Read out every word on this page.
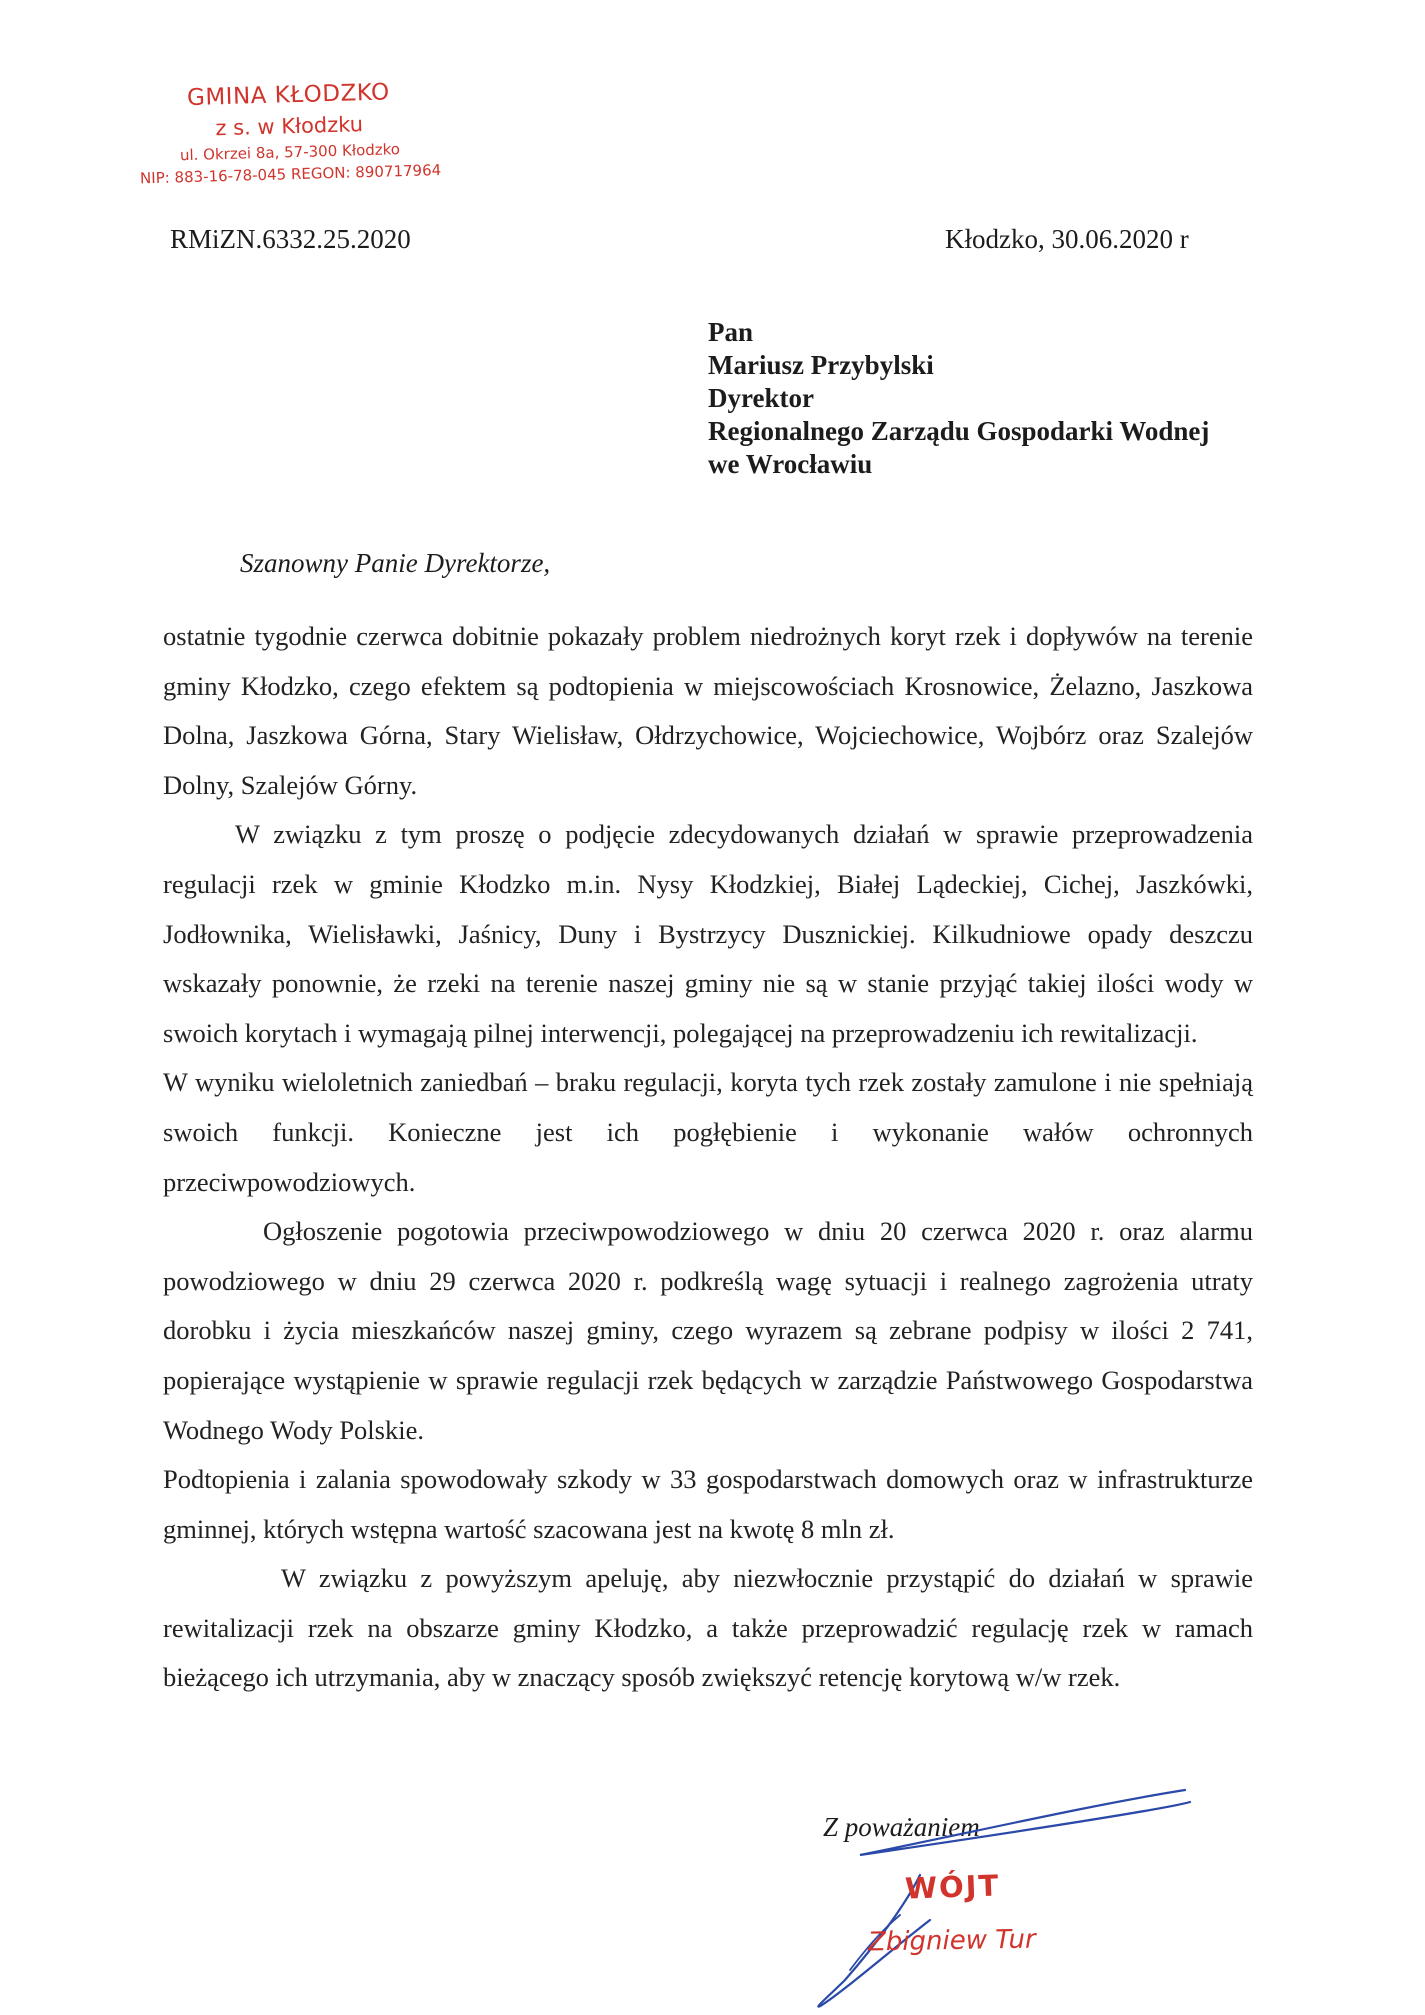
GMINA KŁODZKO
z s. w Kłodzku
ul. Okrzei 8a, 57-300 Kłodzko
NIP: 883-16-78-045 REGON: 890717964
RMiZN.6332.25.2020	Kłodzko, 30.06.2020 r
Pan
Mariusz Przybylski
Dyrektor
Regionalnego Zarządu Gospodarki Wodnej
we Wrocławiu
Szanowny Panie Dyrektorze,

ostatnie tygodnie czerwca dobitnie pokazały problem niedrożnych koryt rzek i dopływów na terenie gminy Kłodzko, czego efektem są podtopienia w miejscowościach Krosnowice, Żelazno, Jaszkowa Dolna, Jaszkowa Górna, Stary Wielisław, Ołdrzychowice, Wojciechowice, Wojbórz oraz Szalejów Dolny, Szalejów Górny.

W związku z tym proszę o podjęcie zdecydowanych działań w sprawie przeprowadzenia regulacji rzek w gminie Kłodzko m.in. Nysy Kłodzkiej, Białej Lądeckiej, Cichej, Jaszkówki, Jodłownika, Wielisławki, Jaśnicy, Duny i Bystrzycy Dusznickiej. Kilkudniowe opady deszczu wskazały ponownie, że rzeki na terenie naszej gminy nie są w stanie przyjąć takiej ilości wody w swoich korytach i wymagają pilnej interwencji, polegającej na przeprowadzeniu ich rewitalizacji.

W wyniku wieloletnich zaniedbań – braku regulacji, koryta tych rzek zostały zamulone i nie spełniają swoich funkcji. Konieczne jest ich pogłębienie i wykonanie wałów ochronnych przeciwpowodziowych.

Ogłoszenie pogotowia przeciwpowodziowego w dniu 20 czerwca 2020 r. oraz alarmu powodziowego w dniu 29 czerwca 2020 r. podkreślą wagę sytuacji i realnego zagrożenia utraty dorobku i życia mieszkańców naszej gminy, czego wyrazem są zebrane podpisy w ilości 2 741, popierające wystąpienie w sprawie regulacji rzek będących w zarządzie Państwowego Gospodarstwa Wodnego Wody Polskie.

Podtopienia i zalania spowodowały szkody w 33 gospodarstwach domowych oraz w infrastrukturze gminnej, których wstępna wartość szacowana jest na kwotę 8 mln zł.

W związku z powyższym apeluję, aby niezwłocznie przystąpić do działań w sprawie rewitalizacji rzek na obszarze gminy Kłodzko, a także przeprowadzić regulację rzek w ramach bieżącego ich utrzymania, aby w znaczący sposób zwiększyć retencję korytową w/w rzek.

Z poważaniem
WÓJT
Zbigniew Tur
